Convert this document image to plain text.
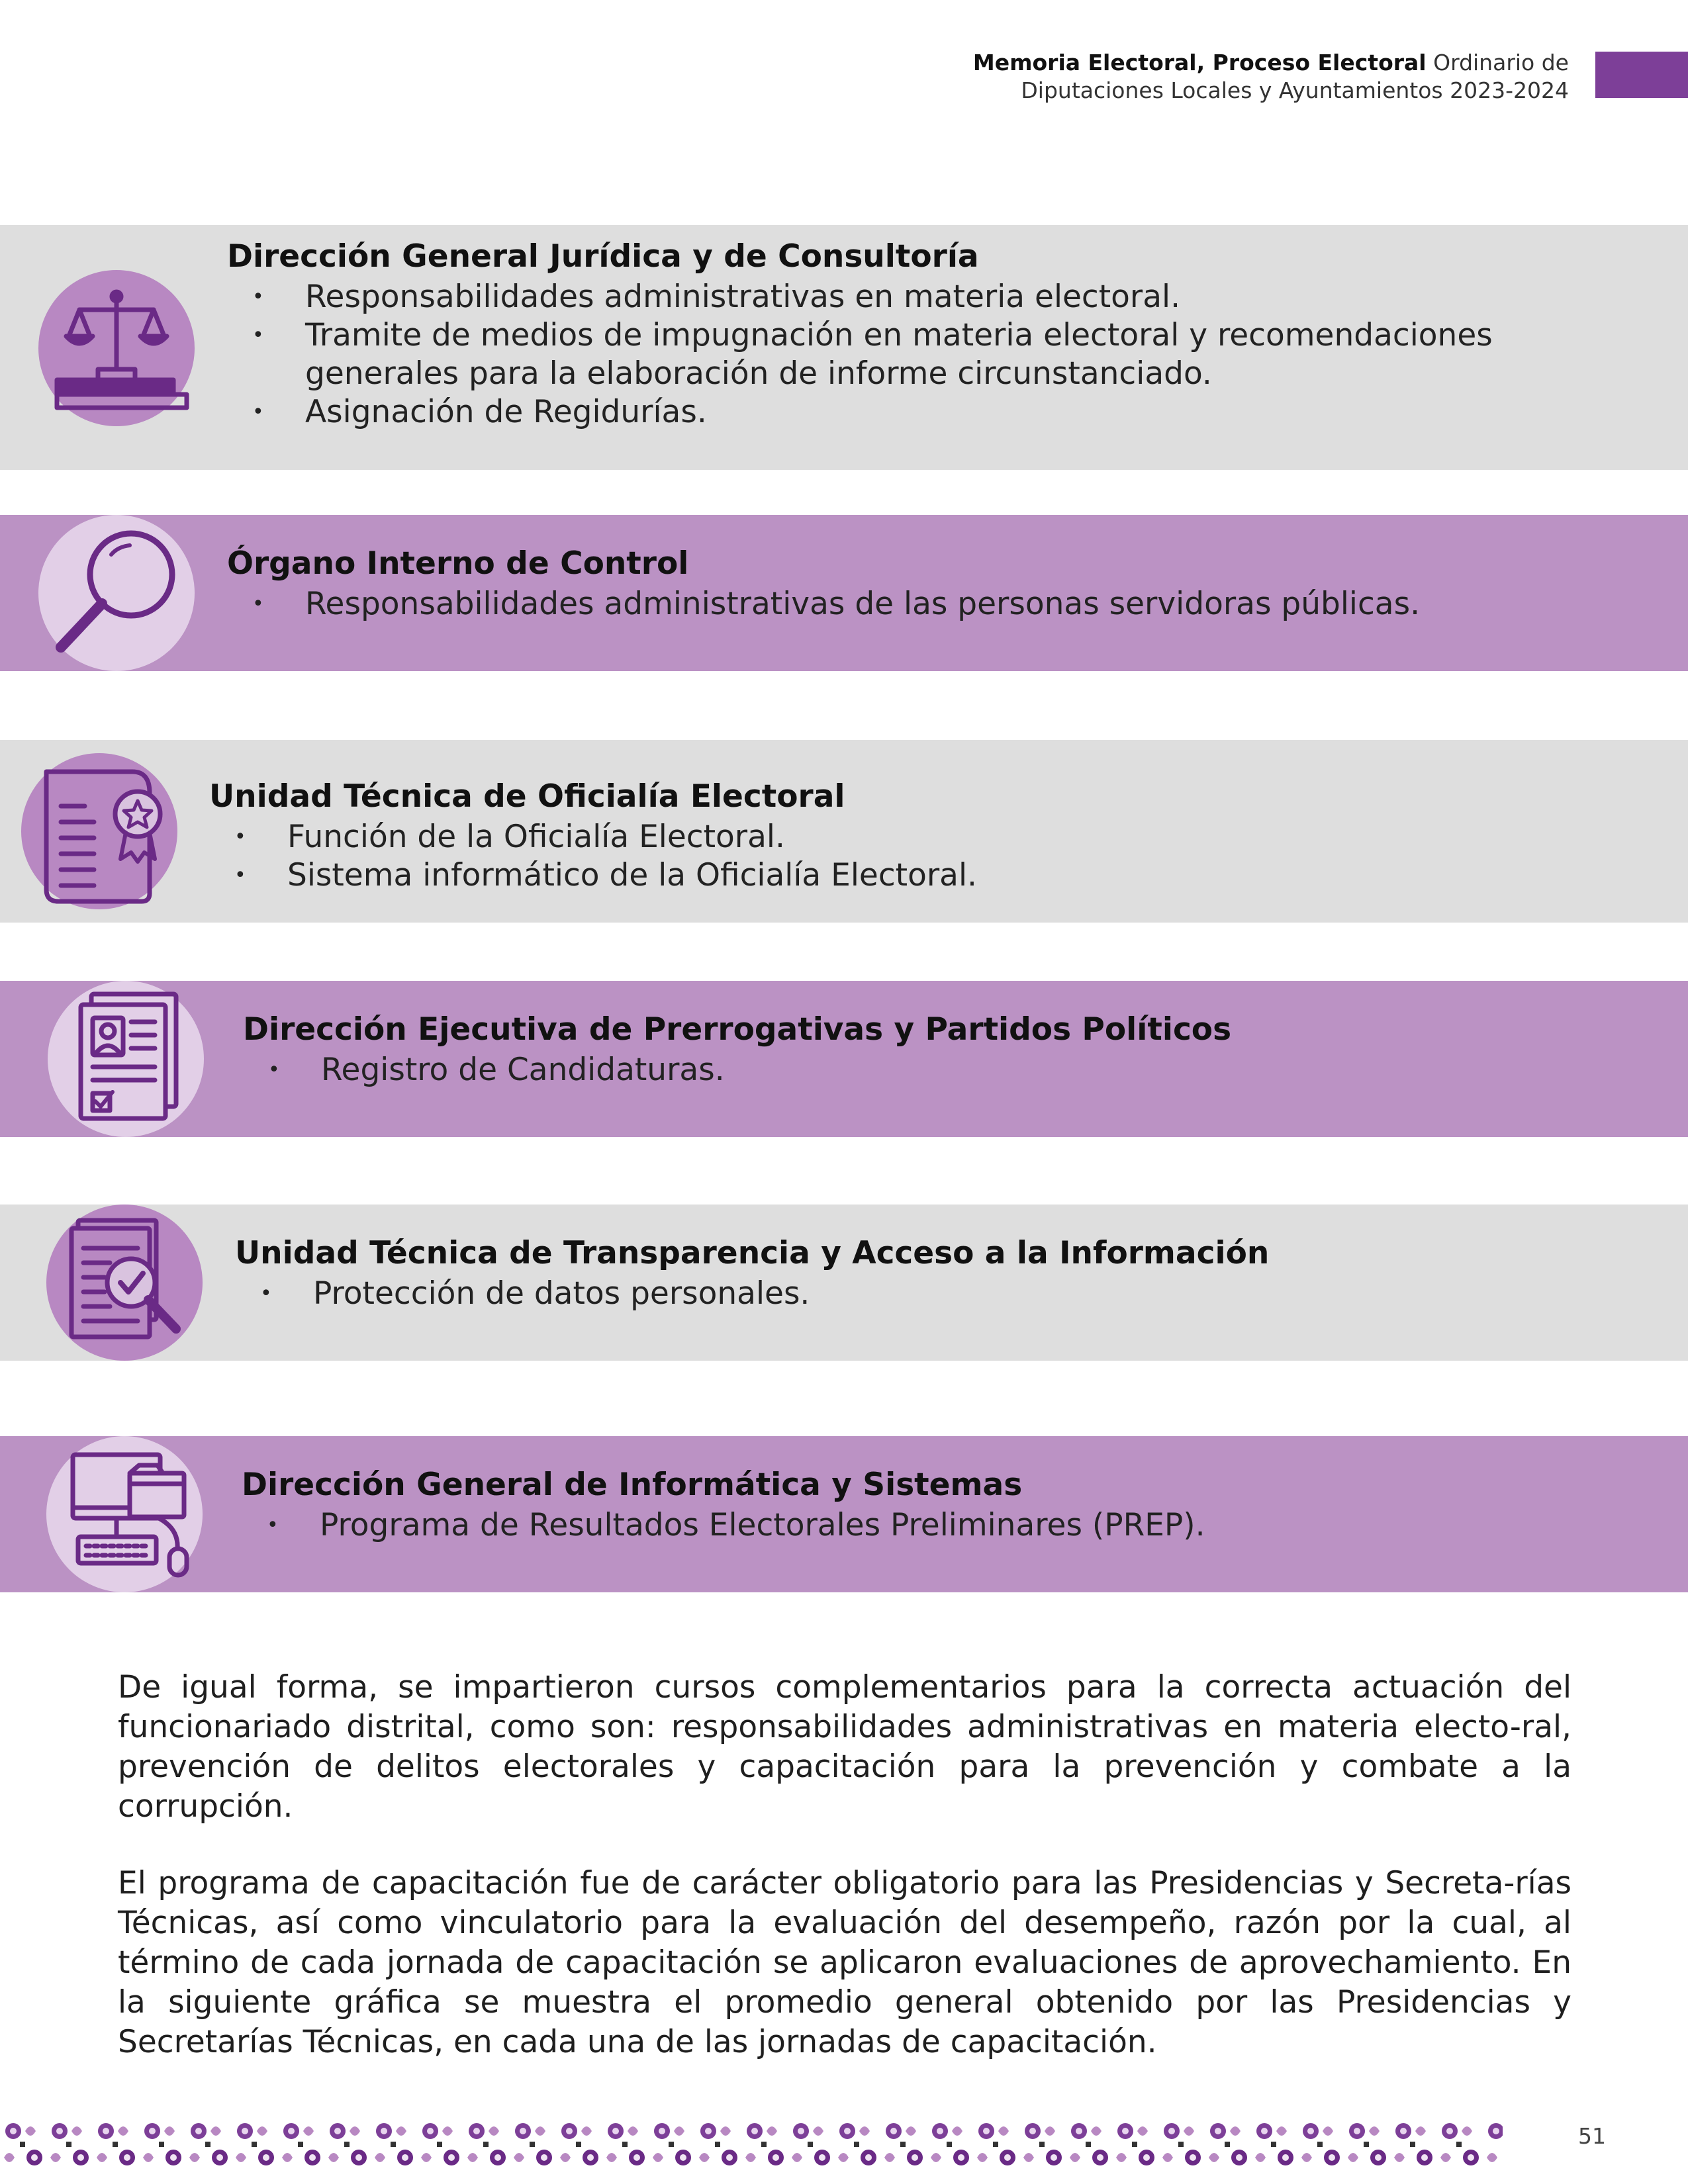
Memoria Electoral, Proceso Electoral Ordinario de
Diputaciones Locales y Ayuntamientos 2023-2024
Dirección General Jurídica y de Consultoría
• Responsabilidades administrativas en materia electoral.
• Tramite de medios de impugnación en materia electoral y recomendaciones generales para la elaboración de informe circunstanciado.
• Asignación de Regidurías.
Órgano Interno de Control
• Responsabilidades administrativas de las personas servidoras públicas.
Unidad Técnica de Oficialía Electoral
• Función de la Oficialía Electoral.
• Sistema informático de la Oficialía Electoral.
Dirección Ejecutiva de Prerrogativas y Partidos Políticos
• Registro de Candidaturas.
Unidad Técnica de Transparencia y Acceso a la Información
• Protección de datos personales.
Dirección General de Informática y Sistemas
• Programa de Resultados Electorales Preliminares (PREP).

De igual forma, se impartieron cursos complementarios para la correcta actuación del funcionariado distrital, como son: responsabilidades administrativas en materia electo-ral, prevención de delitos electorales y capacitación para la prevención y combate a la corrupción.

El programa de capacitación fue de carácter obligatorio para las Presidencias y Secreta-rías Técnicas, así como vinculatorio para la evaluación del desempeño, razón por la cual, al término de cada jornada de capacitación se aplicaron evaluaciones de aprovechamiento. En la siguiente gráfica se muestra el promedio general obtenido por las Presidencias y Secretarías Técnicas, en cada una de las jornadas de capacitación.

51
